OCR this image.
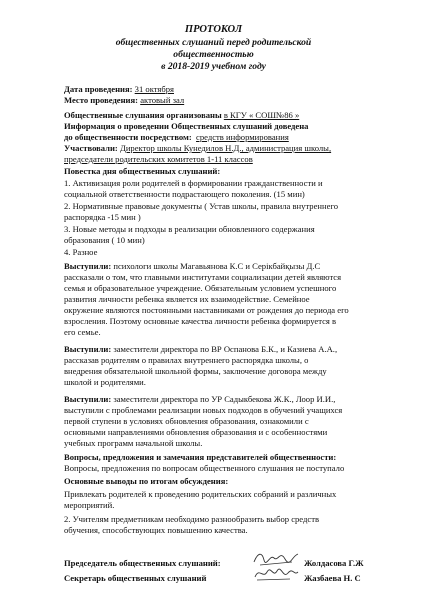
ПРОТОКОЛ
общественных слушаний перед родительской
общественностью
в 2018-2019 учебном году
Дата проведения: 31 октября
Место проведения: актовый зал
Общественные слушания организованы в КГУ « СОШ№86 »
Информация о проведении Общественных слушаний доведена
до общественности посредством: средств информирования
Участвовали: Директор школы Кунедилов Н.Д., администрация школы,
председатели родительских комитетов 1-11 классов
Повестка дня общественных слушаний:
1. Активизация роли родителей в формировании гражданственности и
социальной ответственности подрастающего поколения. (15 мин)
2. Нормативные правовые документы ( Устав школы, правила внутреннего
распорядка -15 мин )
3. Новые методы и подходы в реализации обновленного содержания
образования ( 10 мин)
4. Разное
Выступили: психологи школы Магавьянова К.С и Серікбайқызы Д.С
рассказали о том, что главными институтами социализации детей являются
семья и образовательное учреждение. Обязательным условием успешного
развития личности ребенка является их взаимодействие. Семейное
окружение являются постоянными наставниками от рождения до периода его
взросления. Поэтому основные качества личности ребенка формируется в
его семье.
Выступили: заместители директора по ВР Оспанова Б.К., и Казиева А.А.,
рассказав родителям о правилах внутреннего распорядка школы, о
внедрения обязательной школьной формы, заключение договора между
школой и родителями.
Выступили: заместители директора по УР Садыкбекова Ж.К., Лоор И.И.,
выступили с проблемами реализации новых подходов в обучений учащихся
первой ступени в условиях обновления образования, ознакомили с
основными направлениями обновления образования и с особенностями
учебных программ начальной школы.
Вопросы, предложения и замечания представителей общественности:
Вопросы, предложения по вопросам общественного слушания не поступало
Основные выводы по итогам обсуждения:
Привлекать родителей к проведению родительских собраний и различных
мероприятий.
2. Учителям предметникам необходимо разнообразить выбор средств
обучения, способствующих повышению качества.
Председатель общественных слушаний:	Жолдасова Г.Ж
Секретарь общественных слушаний	Жазбаева Н. С
